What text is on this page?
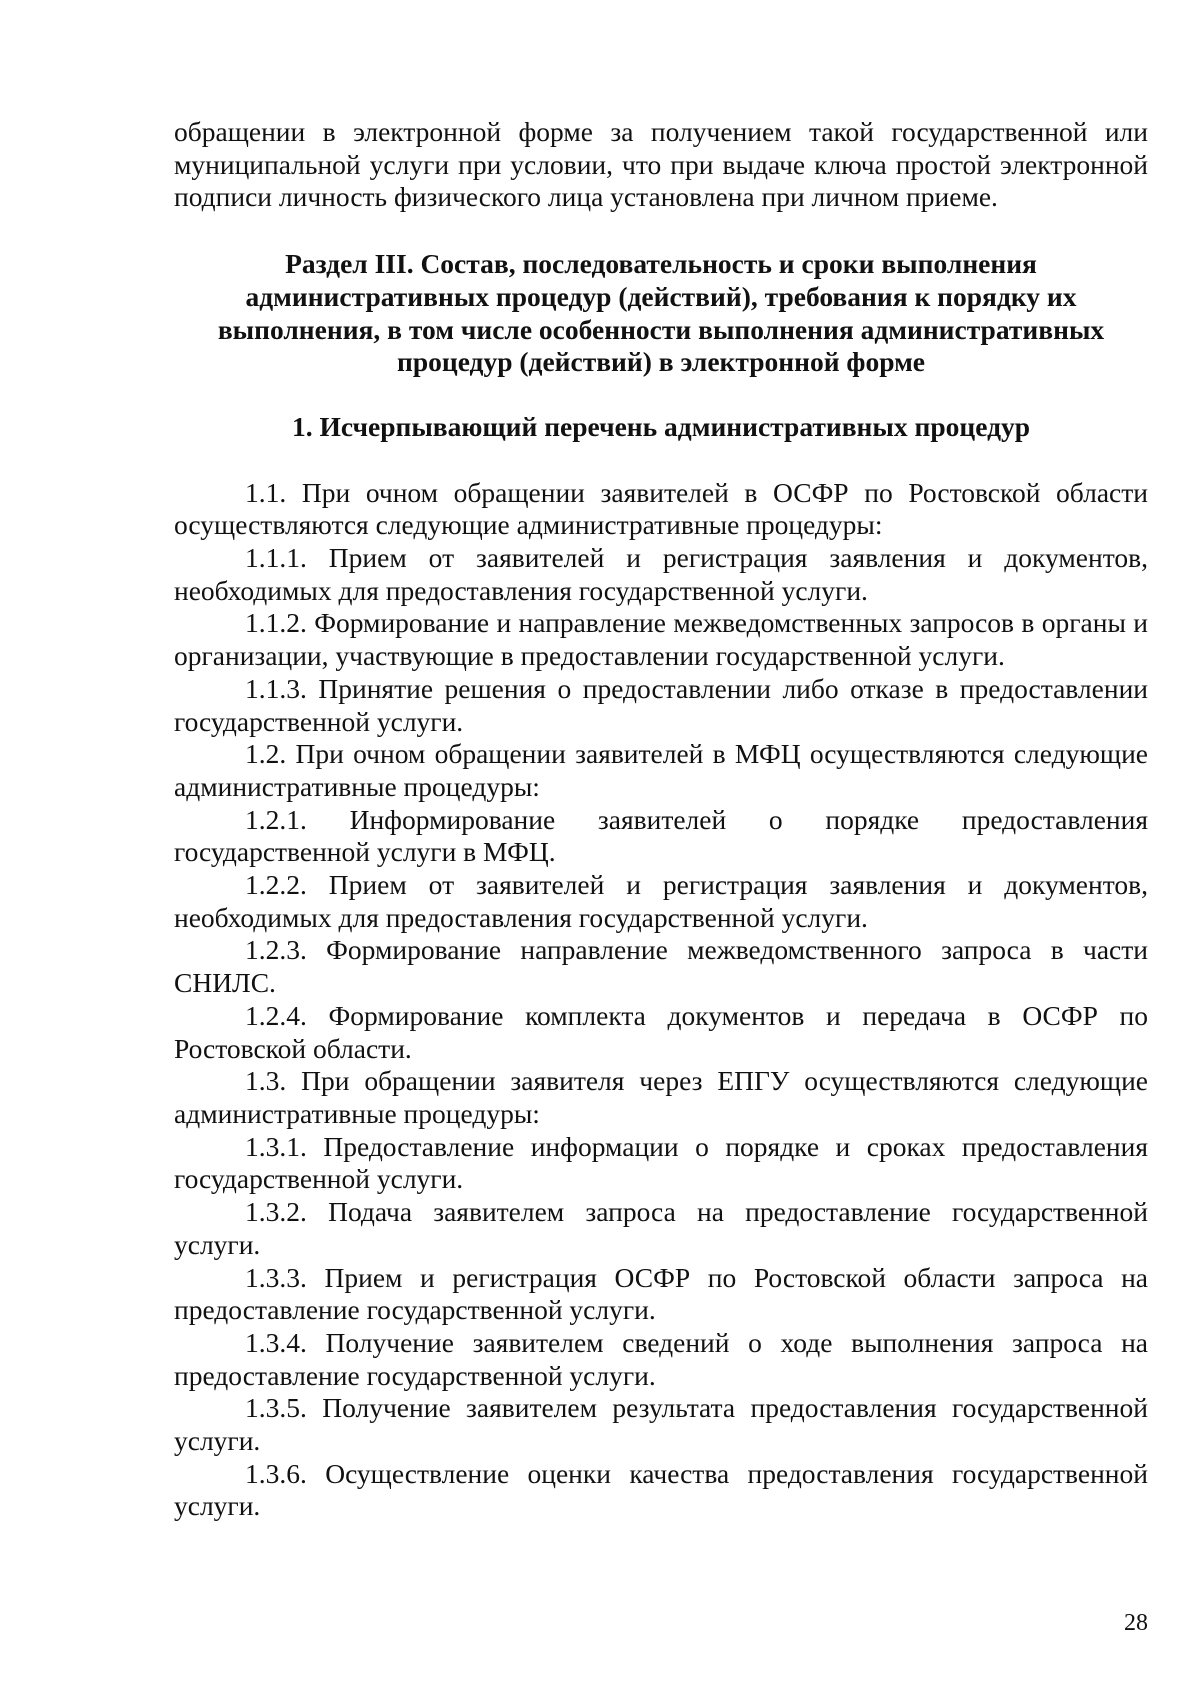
обращении в электронной форме за получением такой государственной или муниципальной услуги при условии, что при выдаче ключа простой электронной подписи личность физического лица установлена при личном приеме.

Раздел III. Состав, последовательность и сроки выполнения административных процедур (действий), требования к порядку их выполнения, в том числе особенности выполнения административных процедур (действий) в электронной форме

1. Исчерпывающий перечень административных процедур

1.1. При очном обращении заявителей в ОСФР по Ростовской области осуществляются следующие административные процедуры:

1.1.1. Прием от заявителей и регистрация заявления и документов, необходимых для предоставления государственной услуги.

1.1.2. Формирование и направление межведомственных запросов в органы и организации, участвующие в предоставлении государственной услуги.

1.1.3. Принятие решения о предоставлении либо отказе в предоставлении государственной услуги.

1.2. При очном обращении заявителей в МФЦ осуществляются следующие административные процедуры:

1.2.1. Информирование заявителей о порядке предоставления государственной услуги в МФЦ.

1.2.2. Прием от заявителей и регистрация заявления и документов, необходимых для предоставления государственной услуги.

1.2.3. Формирование направление межведомственного запроса в части СНИЛС.

1.2.4. Формирование комплекта документов и передача в ОСФР по Ростовской области.

1.3. При обращении заявителя через ЕПГУ осуществляются следующие административные процедуры:

1.3.1. Предоставление информации о порядке и сроках предоставления государственной услуги.

1.3.2. Подача заявителем запроса на предоставление государственной услуги.

1.3.3. Прием и регистрация ОСФР по Ростовской области запроса на предоставление государственной услуги.

1.3.4. Получение заявителем сведений о ходе выполнения запроса на предоставление государственной услуги.

1.3.5. Получение заявителем результата предоставления государственной услуги.

1.3.6. Осуществление оценки качества предоставления государственной услуги.

28
